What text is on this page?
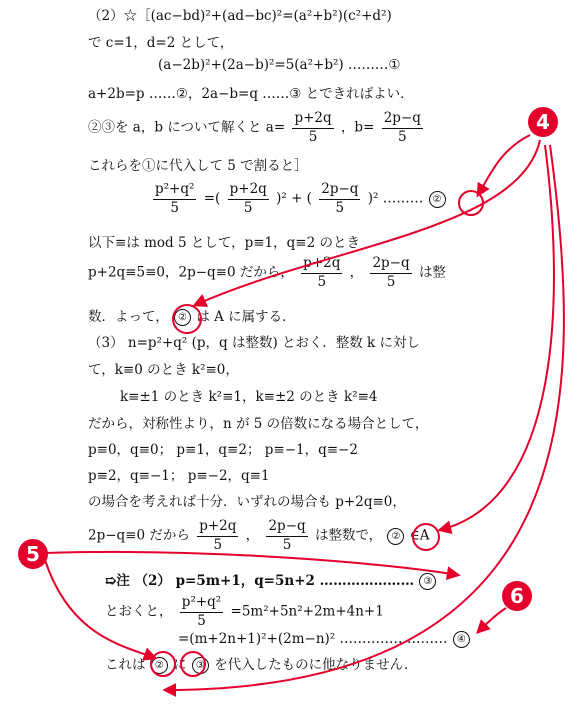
（2）☆［(ac−bd)²+(ad−bc)²=(a²+b²)(c²+d²)
で c=1，d=2 として，
(a−2b)²+(2a−b)²=5(a²+b²) ………①
a+2b=p ……②，2a−b=q ……③ とできればよい．
②③を a，b について解くと $a= \frac{p+2q}{5}$ ，$b= \frac{2p-q}{5}$
これらを①に代入して 5 で割ると］
$\frac{\text{p²+q²}}{5}$ =( $\frac{p+2q}{5} )^2$ + ( $\frac{2p-q}{5} )^2$ ……… ②
以下≡は mod 5 として，p≡1，q≡2 のとき
p+2q≡5≡0，2p−q≡0 だから， $\frac{p+2q}{5}$ ， $\frac{2p-q}{5}$ は整
数．よって， ② は A に属する．
（3） n=p²+q² (p，q は整数) とおく．整数 k に対し
て，k≡0 のとき k²≡0，
k≡±1 のとき k²≡1，k≡±2 のとき k²≡4
だから，対称性より，n が 5 の倍数になる場合として，
p≡0，q≡0； p≡1，q≡2； p≡−1，q≡−2
p≡2，q≡−1； p≡−2，q≡1
の場合を考えれば十分．いずれの場合も p+2q≡0，
2p−q≡0 だから $\frac{p+2q}{5}$ ， $\frac{2p-q}{5}$ は整数で， ② ∈A
➯注 （2） p=5m+1，q=5n+2 ………………… ③
とおくと， $\frac{\text{p²+q²}}{5} =5m^2+5n^2+2m+4n+1$
=(m+2n+1)²+(2m−n)² …………………… ④
これは ② に ③ を代入したものに他なりません．
4
5
6
